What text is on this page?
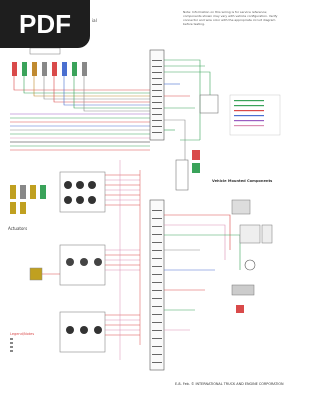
PDF	ial
Note: Information on this wiring is for service reference; components shown may vary with vehicle configuration. Verify connector and wire color with the appropriate circuit diagram before testing.
Actuators
Legend/Notes
Vehicle Mounted Components
E-8- Feb. © INTERNATIONAL TRUCK AND ENGINE CORPORATION
